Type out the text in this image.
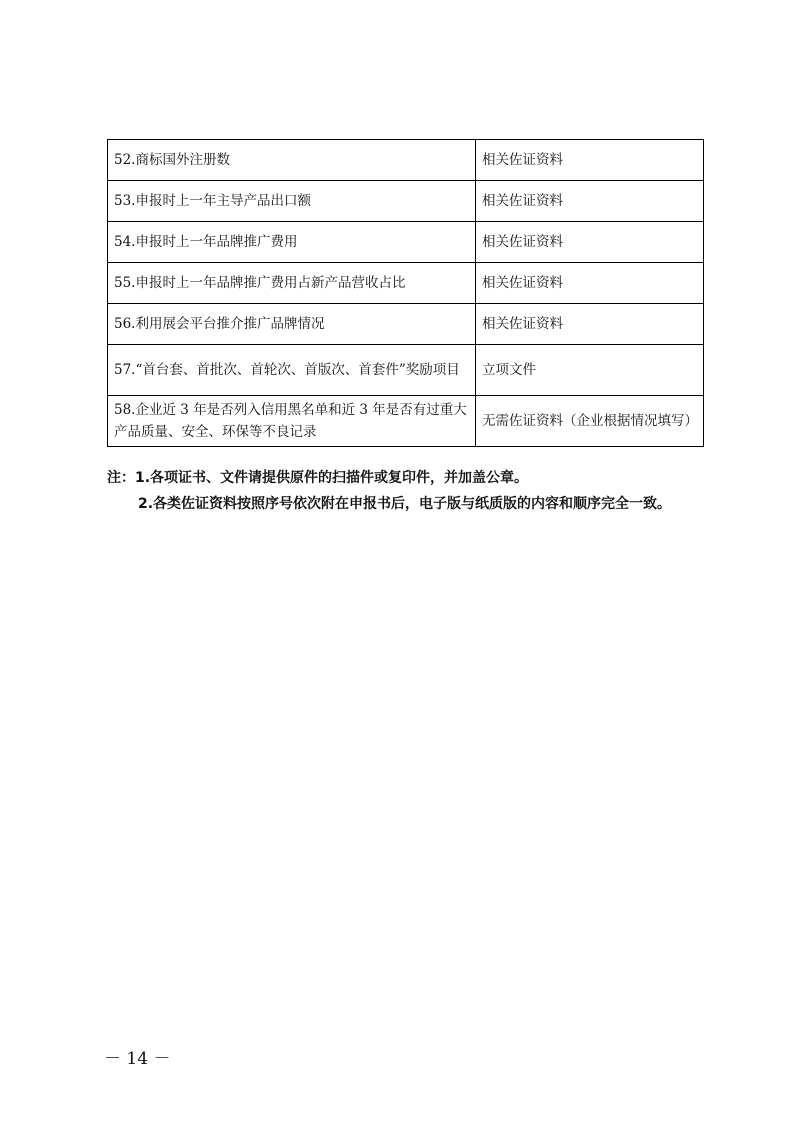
52.商标国外注册数	相关佐证资料
53.申报时上一年主导产品出口额	相关佐证资料
54.申报时上一年品牌推广费用	相关佐证资料
55.申报时上一年品牌推广费用占新产品营收占比	相关佐证资料
56.利用展会平台推介推广品牌情况	相关佐证资料
57.“首台套、首批次、首轮次、首版次、首套件”奖励项目	立项文件
58.企业近 3 年是否列入信用黑名单和近 3 年是否有过重大产品质量、安全、环保等不良记录	无需佐证资料（企业根据情况填写）
注：1.各项证书、文件请提供原件的扫描件或复印件，并加盖公章。
2.各类佐证资料按照序号依次附在申报书后，电子版与纸质版的内容和顺序完全一致。
－ 14 －
